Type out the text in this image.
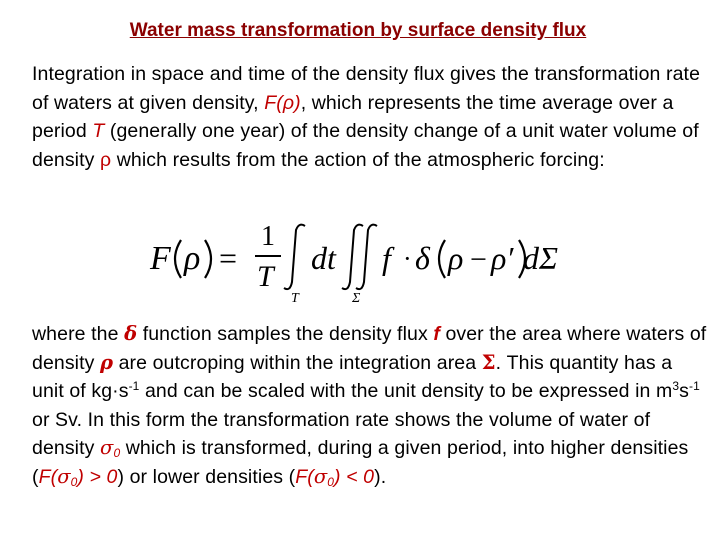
Water mass transformation by surface density flux

Integration in space and time of the density flux gives the transformation rate of waters at given density, F(ρ), which represents the time average over a period T (generally one year) of the density change of a unit water volume of density ρ which results from the action of the atmospheric forcing:

F ρ =
1
T
T
dt
Σ
f · δ ρ − ρ′ dΣ

where the δ function samples the density flux f over the area where waters of density ρ are outcroping within the integration area Σ. This quantity has a unit of $kg\cdot s^{-1}$ and can be scaled with the unit density to be expressed in $m^3s^{-1}$ or Sv. In this form the transformation rate shows the volume of water of density $\sigma_0$ which is transformed, during a given period, into higher densities $(F(\sigma_0) > 0)$ or lower densities $(F(\sigma_0) < 0)$.
